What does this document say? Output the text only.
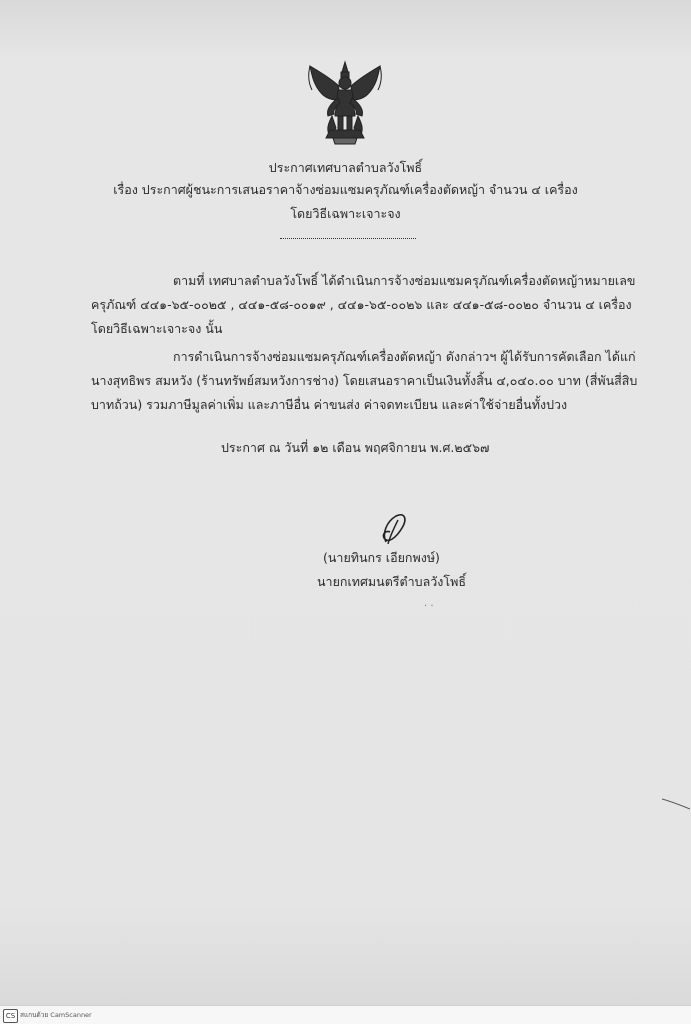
ประกาศเทศบาลตำบลวังโพธิ์
เรื่อง ประกาศผู้ชนะการเสนอราคาจ้างซ่อมแซมครุภัณฑ์เครื่องตัดหญ้า จำนวน ๔ เครื่อง
โดยวิธีเฉพาะเจาะจง
ตามที่ เทศบาลตำบลวังโพธิ์ ได้ดำเนินการจ้างซ่อมแซมครุภัณฑ์เครื่องตัดหญ้าหมายเลข
ครุภัณฑ์ ๔๔๑-๖๕-๐๐๒๕ , ๔๔๑-๕๘-๐๐๑๙ , ๔๔๑-๖๕-๐๐๒๖ และ ๔๔๑-๕๘-๐๐๒๐ จำนวน ๔ เครื่อง
โดยวิธีเฉพาะเจาะจง นั้น
การดำเนินการจ้างซ่อมแซมครุภัณฑ์เครื่องตัดหญ้า ดังกล่าวฯ ผู้ได้รับการคัดเลือก ได้แก่
นางสุทธิพร สมหวัง (ร้านทรัพย์สมหวังการช่าง) โดยเสนอราคาเป็นเงินทั้งสิ้น ๔,๐๔๐.๐๐ บาท (สี่พันสี่สิบ
บาทถ้วน) รวมภาษีมูลค่าเพิ่ม และภาษีอื่น ค่าขนส่ง ค่าจดทะเบียน และค่าใช้จ่ายอื่นทั้งปวง
ประกาศ ณ วันที่ ๑๒ เดือน พฤศจิกายน พ.ศ.๒๕๖๗
(นายทินกร เอียกพงษ์)
นายกเทศมนตรีตำบลวังโพธิ์
. .
CS สแกนด้วย CamScanner
